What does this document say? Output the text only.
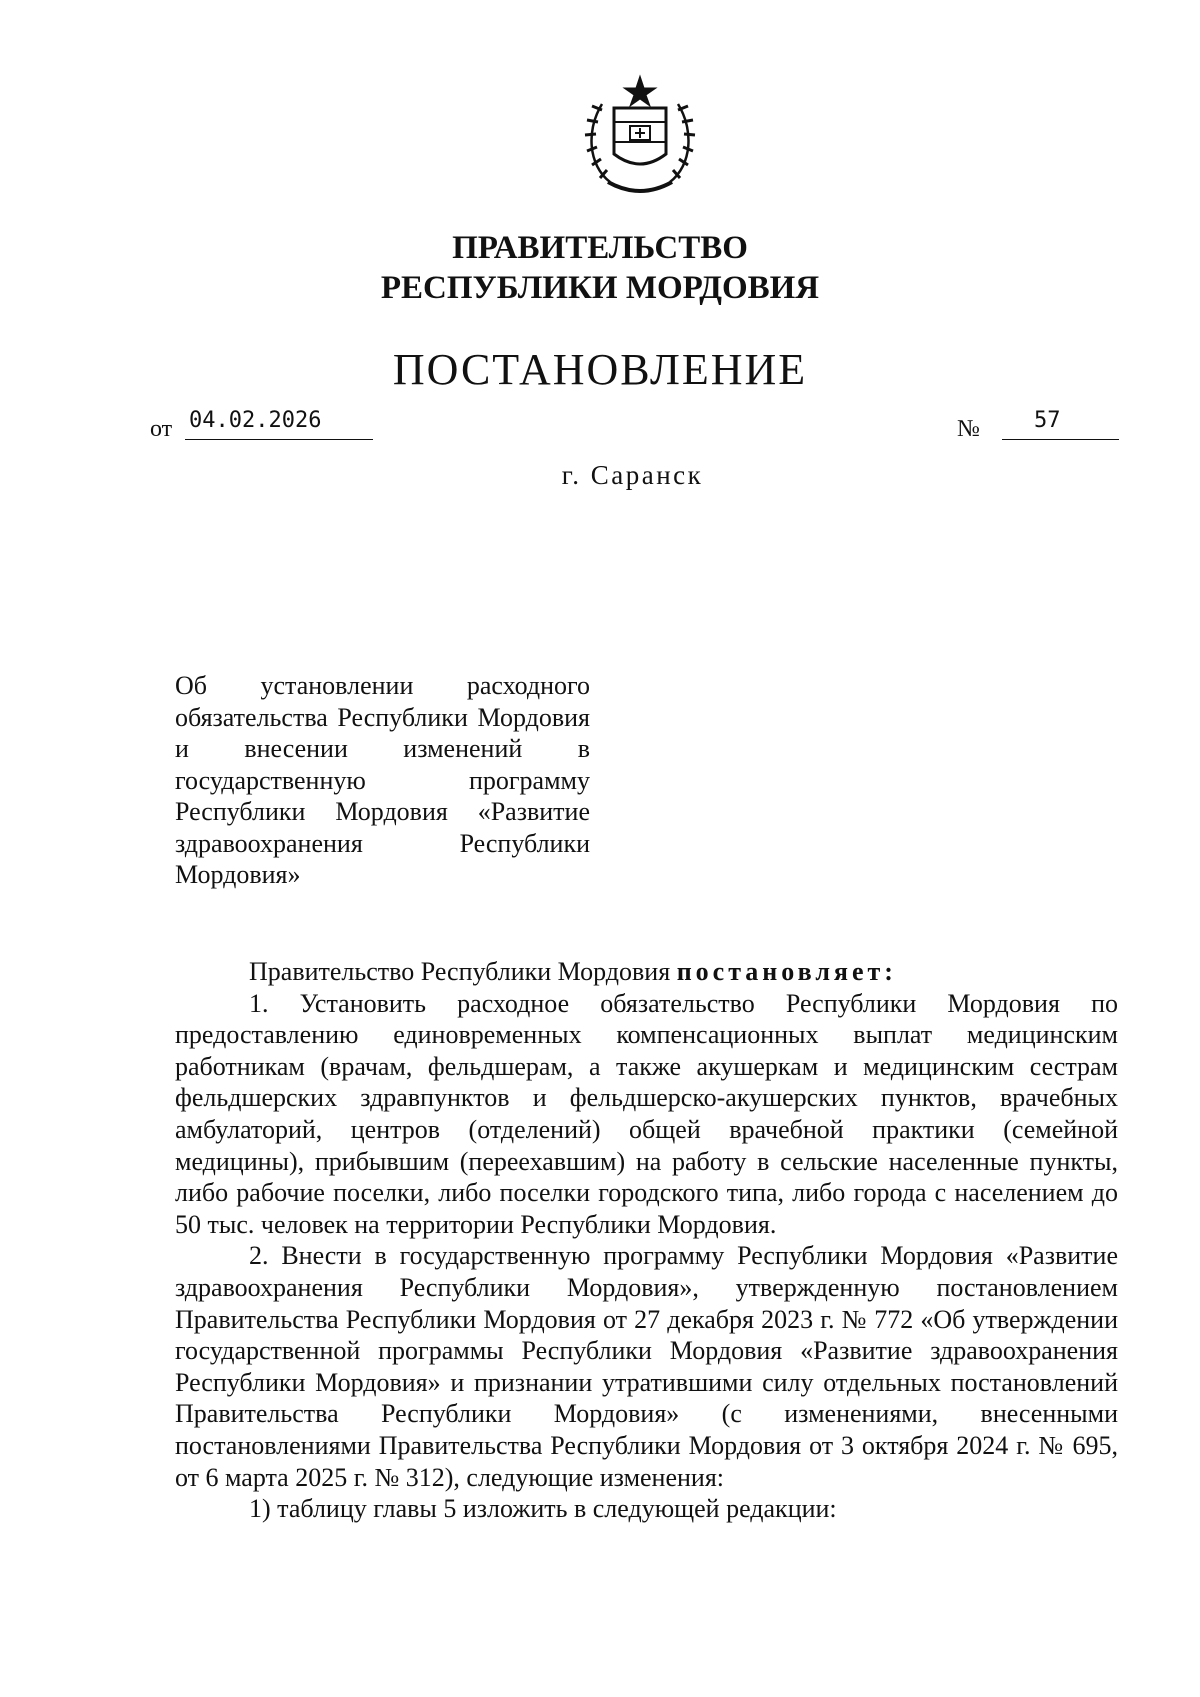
ПРАВИТЕЛЬСТВО
РЕСПУБЛИКИ МОРДОВИЯ
ПОСТАНОВЛЕНИЕ
от 04.02.2026	№ 57
г. Саранск
Об установлении расходного обязательства Республики Мордовия и внесении изменений в государственную программу Республики Мордовия «Развитие здравоохранения Республики Мордовия»

Правительство Республики Мордовия постановляет:

1. Установить расходное обязательство Республики Мордовия по предоставлению единовременных компенсационных выплат медицинским работникам (врачам, фельдшерам, а также акушеркам и медицинским сестрам фельдшерских здравпунктов и фельдшерско-акушерских пунктов, врачебных амбулаторий, центров (отделений) общей врачебной практики (семейной медицины), прибывшим (переехавшим) на работу в сельские населенные пункты, либо рабочие поселки, либо поселки городского типа, либо города с населением до 50 тыс. человек на территории Республики Мордовия.

2. Внести в государственную программу Республики Мордовия «Развитие здравоохранения Республики Мордовия», утвержденную постановлением Правительства Республики Мордовия от 27 декабря 2023 г. № 772 «Об утверждении государственной программы Республики Мордовия «Развитие здравоохранения Республики Мордовия» и признании утратившими силу отдельных постановлений Правительства Республики Мордовия» (с изменениями, внесенными постановлениями Правительства Республики Мордовия от 3 октября 2024 г. № 695, от 6 марта 2025 г. № 312), следующие изменения:

1) таблицу главы 5 изложить в следующей редакции:
